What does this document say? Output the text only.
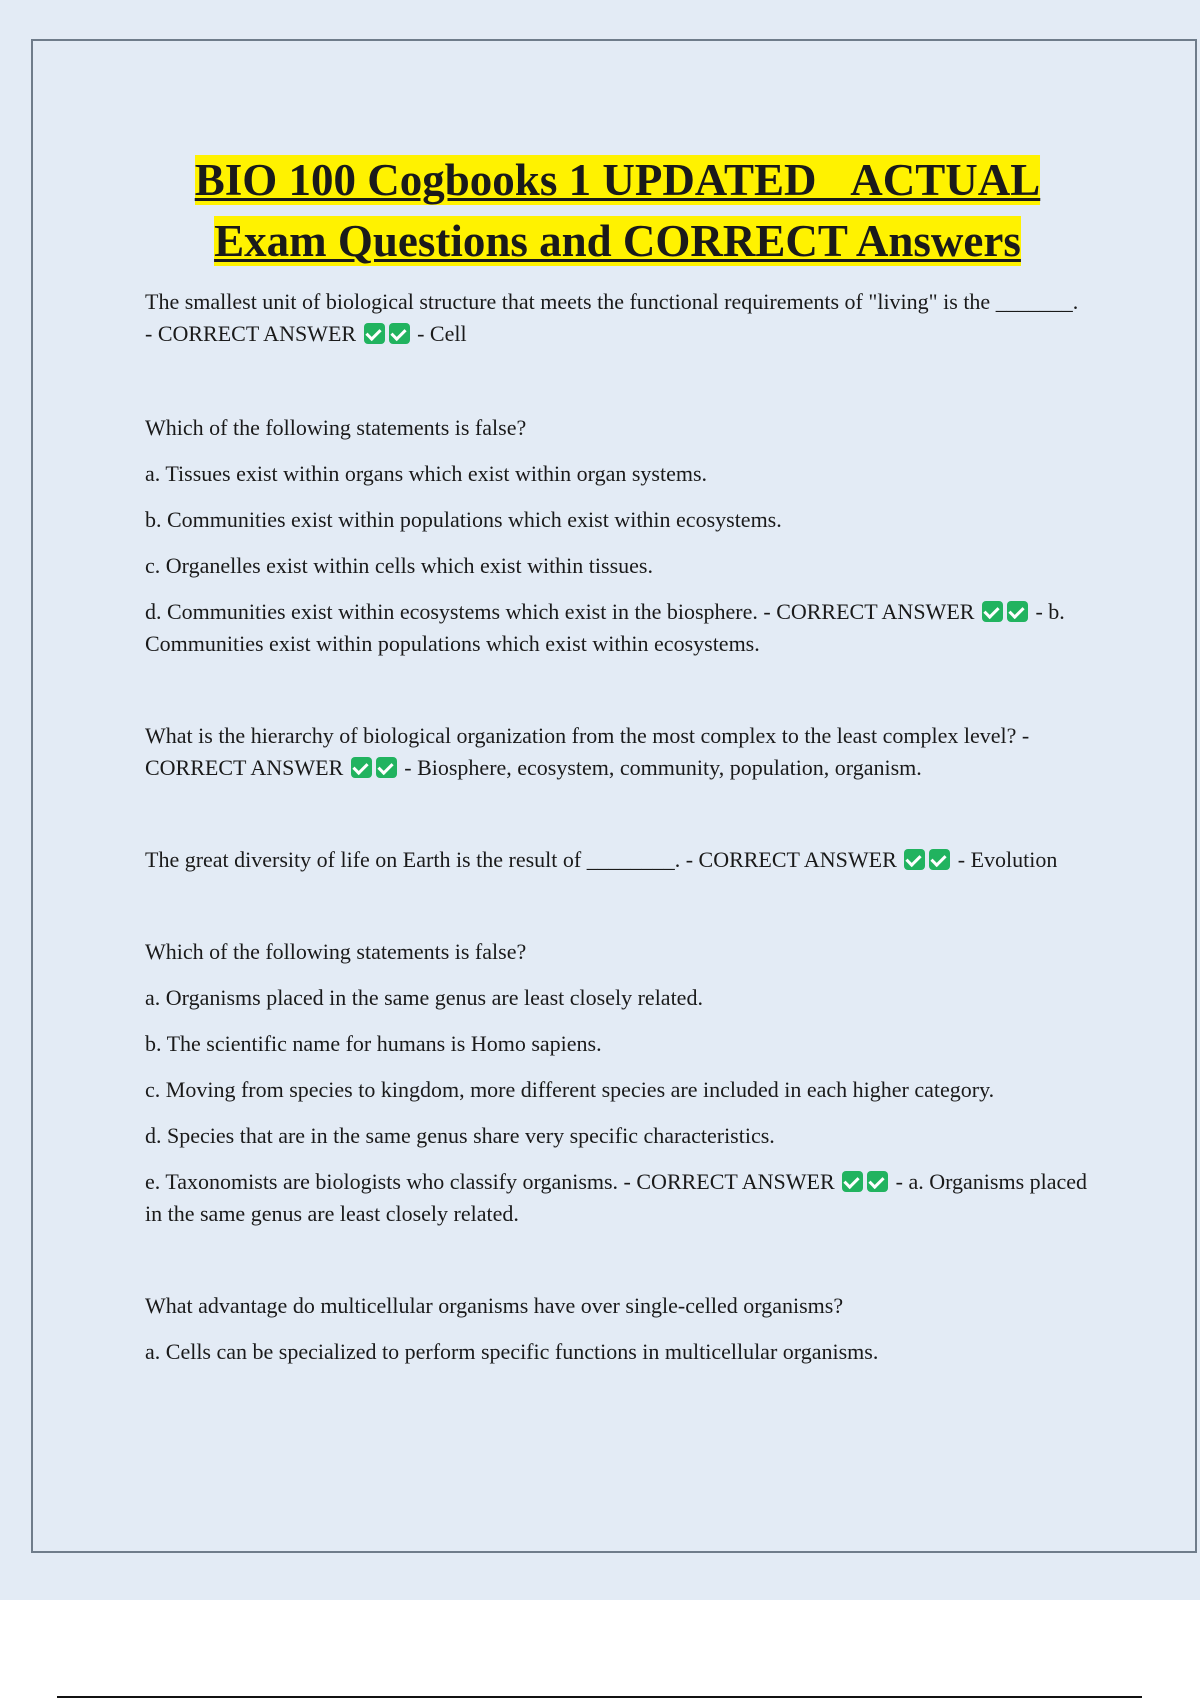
BIO 100 Cogbooks 1 UPDATED   ACTUAL
Exam Questions and CORRECT Answers

The smallest unit of biological structure that meets the functional requirements of "living" is the _______. - CORRECT ANSWER	- Cell

Which of the following statements is false?

a. Tissues exist within organs which exist within organ systems.

b. Communities exist within populations which exist within ecosystems.

c. Organelles exist within cells which exist within tissues.

d. Communities exist within ecosystems which exist in the biosphere. - CORRECT ANSWER	- b. Communities exist within populations which exist within ecosystems.

What is the hierarchy of biological organization from the most complex to the least complex level? - CORRECT ANSWER	- Biosphere, ecosystem, community, population, organism.

The great diversity of life on Earth is the result of ________. - CORRECT ANSWER	- Evolution

Which of the following statements is false?

a. Organisms placed in the same genus are least closely related.

b. The scientific name for humans is Homo sapiens.

c. Moving from species to kingdom, more different species are included in each higher category.

d. Species that are in the same genus share very specific characteristics.

e. Taxonomists are biologists who classify organisms. - CORRECT ANSWER	- a. Organisms placed in the same genus are least closely related.

What advantage do multicellular organisms have over single-celled organisms?

a. Cells can be specialized to perform specific functions in multicellular organisms.
